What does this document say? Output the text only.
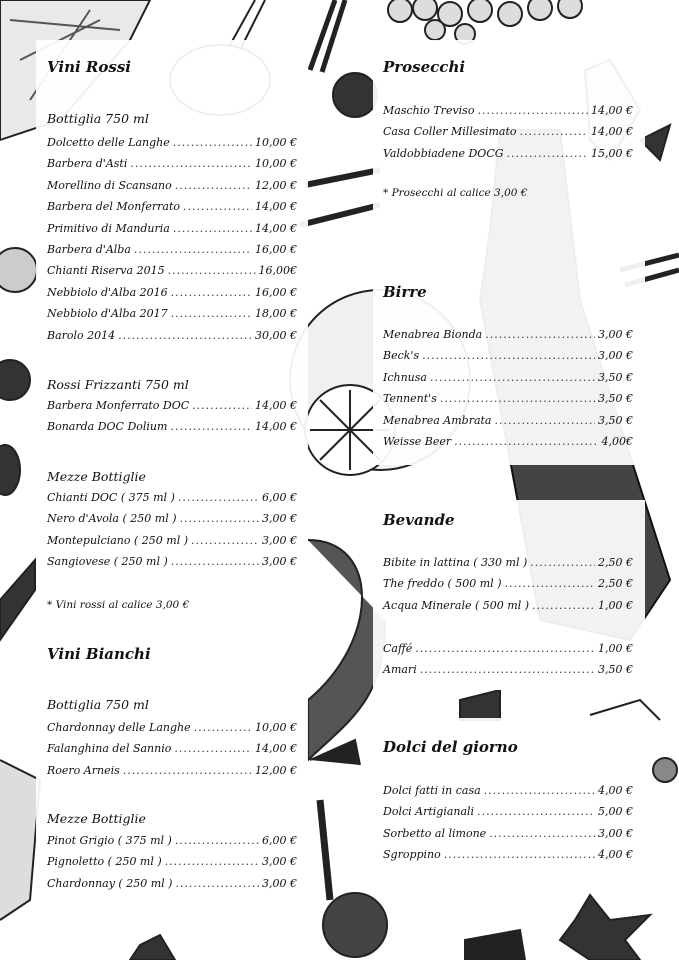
Vini Rossi
Bottiglia 750 ml
Dolcetto delle Langhe .....	10,00 €
Barbera d'Asti .....	10,00 €
Morellino di Scansano .....	12,00 €
Barbera del Monferrato .....	14,00 €
Primitivo di Manduria .....	14,00 €
Barbera d'Alba .....	16,00 €
Chianti Riserva 2015 .....	16,00€
Nebbiolo d'Alba 2016 .....	16,00 €
Nebbiolo d'Alba 2017 .....	18,00 €
Barolo 2014 .....	30,00 €
Rossi Frizzanti 750 ml
Barbera Monferrato DOC .....	14,00 €
Bonarda DOC Dolium .....	14,00 €
Mezze Bottiglie
Chianti DOC ( 375 ml ) .....	6,00 €
Nero d'Avola ( 250 ml ) .....	3,00 €
Montepulciano ( 250 ml ) .....	3,00 €
Sangiovese ( 250 ml ) .....	3,00 €
* Vini rossi al calice 3,00 €
Vini Bianchi
Bottiglia 750 ml
Chardonnay delle Langhe .....	10,00 €
Falanghina del Sannio .....	14,00 €
Roero Arneis .....	12,00 €
Mezze Bottiglie
Pinot Grigio ( 375 ml ) .....	6,00 €
Pignoletto ( 250 ml ) .....	3,00 €
Chardonnay ( 250 ml ) .....	3,00 €
Prosecchi
Maschio Treviso .....	14,00 €
Casa Coller Millesimato .....	14,00 €
Valdobbiadene DOCG .....	15,00 €
* Prosecchi al calice 3,00 €
Birre
Menabrea Bionda .....	3,00 €
Beck's .....	3,00 €
Ichnusa .....	3,50 €
Tennent's .....	3,50 €
Menabrea Ambrata .....	3,50 €
Weisse Beer .....	4,00€
Bevande
Bibite in lattina ( 330 ml ) .....	2,50 €
The freddo ( 500 ml ) .....	2,50 €
Acqua Minerale ( 500 ml ) .....	1,00 €
Caffé .....	1,00 €
Amari .....	3,50 €
Dolci del giorno
Dolci fatti in casa .....	4,00 €
Dolci Artigianali .....	5,00 €
Sorbetto al limone .....	3,00 €
Sgroppino .....	4,00 €
